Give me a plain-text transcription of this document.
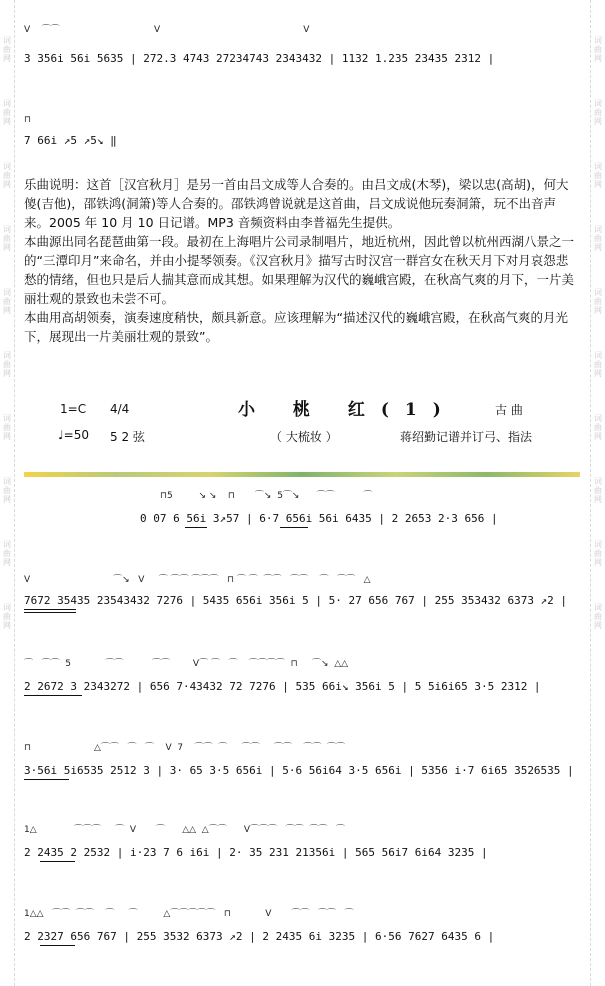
词曲网
词曲网
词曲网
词曲网
词曲网
词曲网
词曲网
词曲网
词曲网
词曲网
词曲网
词曲网
词曲网
词曲网
词曲网
词曲网
词曲网
词曲网
词曲网
词曲网
V    ⌒⌒                                 V                                                  V
3 356i 56i 5635 | 272.3 4743 27234743 2343432 | 1132 1.235 23435 2312 |
⊓
7 66i ↗5 ↗5↘ ‖

乐曲说明：这首［汉宫秋月］是另一首由吕文成等人合奏的。由吕文成(木琴)，梁以忠(高胡)，何大傻(吉他)，邵铁鸿(洞箫)等人合奏的。邵铁鸿曾说就是这首曲，吕文成说他玩奏洞箫，玩不出音声来。2005 年 10 月 10 日记谱。MP3 音频资料由李普福先生提供。

本曲源出同名琵琶曲第一段。最初在上海唱片公司录制唱片，地近杭州，因此曾以杭州西湖八景之一的“三潭印月”来命名，并由小提琴领奏。《汉宫秋月》描写古时汉宫一群宫女在秋天月下对月哀怨悲愁的情绪，但也只是后人揣其意而成其想。如果理解为汉代的巍峨宫殿，在秋高气爽的月下，一片美丽壮观的景致也未尝不可。

本曲用高胡领奏，演奏速度稍快，颇具新意。应该理解为“描述汉代的巍峨宫殿，在秋高气爽的月光下，展现出一片美丽壮观的景致”。

小 桃 红(1)	古 曲
1=C 4/4
♩=50 5 2 弦	（ 大梳妆 ）	蒋绍勤记谱并订弓、指法
⊓5         ↘ ↘    ⊓       ⌒↘  5⌒↘      ⌒⌒          ⌒
0 07 6 56i 3↗57 | 6·7 656i 56i 6435 | 2 2653 2·3 656 |
V                             ⌒↘   V     ⌒ ⌒⌒ ⌒⌒⌒   ⊓ ⌒ ⌒  ⌒⌒   ⌒⌒    ⌒   ⌒⌒   △
7672 35435 23543432 7276 | 5435 656i 356i 5 | 5· 27 656 767 | 255 353432 6373 ↗2 |
⌒   ⌒⌒  5            ⌒⌒          ⌒⌒        V⌒ ⌒   ⌒    ⌒⌒⌒⌒  ⊓     ⌒↘  △△
2 2672 3 2343272 | 656 7·43432 72 7276 | 535 66i↘ 356i 5 | 5 5i6i65 3·5 2312 |
⊓                      △⌒⌒   ⌒   ⌒    V  7    ⌒⌒  ⌒     ⌒⌒     ⌒⌒    ⌒⌒  ⌒⌒
3·56i 5i6535 2512 3 | 3· 65 3·5 656i | 5·6 56i64 3·5 656i | 5356 i·7 6i65 3526535 |
1△             ⌒⌒⌒     ⌒  V       ⌒      △△  △⌒⌒      V⌒⌒⌒   ⌒⌒  ⌒⌒   ⌒
2 2435 2 2532 | i·23 7 6 i6i | 2· 35 231 21356i | 565 56i7 6i64 3235 |
1△△   ⌒⌒  ⌒⌒    ⌒     ⌒         △⌒⌒⌒⌒⌒   ⊓            V       ⌒⌒   ⌒⌒   ⌒
2 2327 656 767 | 255 3532 6373 ↗2 | 2 2435 6i 3235 | 6·56 7627 6435 6 |
